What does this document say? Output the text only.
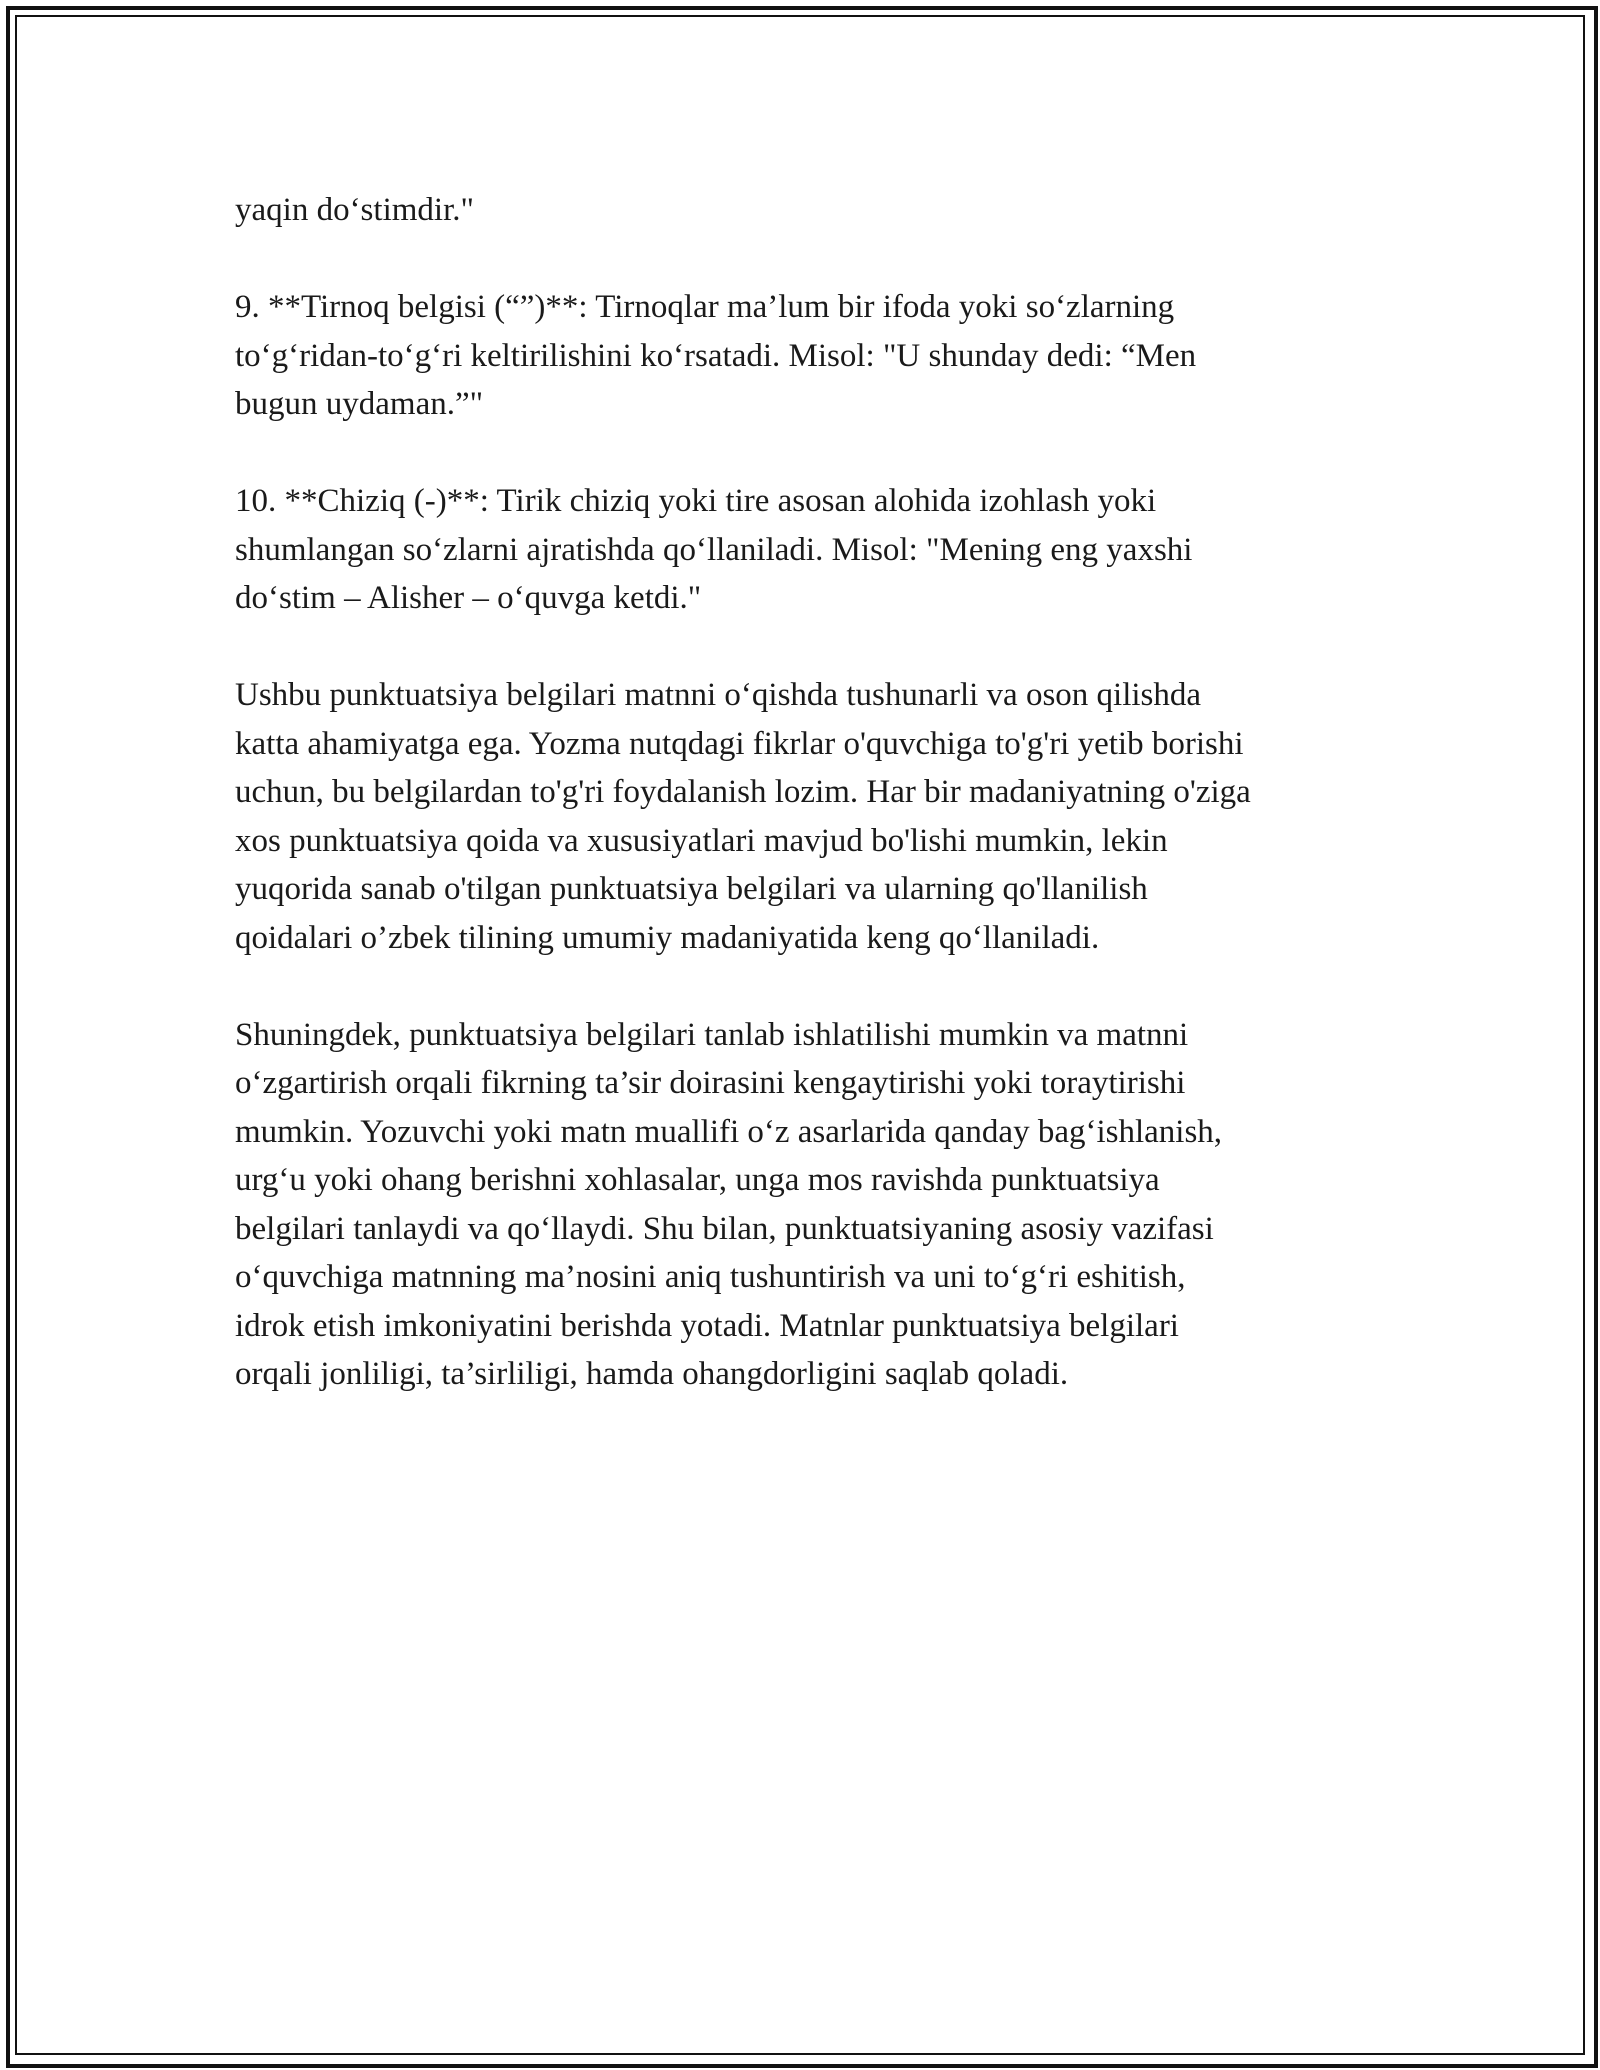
yaqin do‘stimdir."

9. **Tirnoq belgisi (“”)**: Tirnoqlar ma’lum bir ifoda yoki so‘zlarning
to‘g‘ridan-to‘g‘ri keltirilishini ko‘rsatadi. Misol: "U shunday dedi: “Men
bugun uydaman.”"

10. **Chiziq (-)**: Tirik chiziq yoki tire asosan alohida izohlash yoki
shumlangan so‘zlarni ajratishda qo‘llaniladi. Misol: "Mening eng yaxshi
do‘stim – Alisher – o‘quvga ketdi."

Ushbu punktuatsiya belgilari matnni o‘qishda tushunarli va oson qilishda
katta ahamiyatga ega. Yozma nutqdagi fikrlar o'quvchiga to'g'ri yetib borishi
uchun, bu belgilardan to'g'ri foydalanish lozim. Har bir madaniyatning o'ziga
xos punktuatsiya qoida va xususiyatlari mavjud bo'lishi mumkin, lekin
yuqorida sanab o'tilgan punktuatsiya belgilari va ularning qo'llanilish
qoidalari o’zbek tilining umumiy madaniyatida keng qo‘llaniladi.

Shuningdek, punktuatsiya belgilari tanlab ishlatilishi mumkin va matnni
o‘zgartirish orqali fikrning ta’sir doirasini kengaytirishi yoki toraytirishi
mumkin. Yozuvchi yoki matn muallifi o‘z asarlarida qanday bag‘ishlanish,
urg‘u yoki ohang berishni xohlasalar, unga mos ravishda punktuatsiya
belgilari tanlaydi va qo‘llaydi. Shu bilan, punktuatsiyaning asosiy vazifasi
o‘quvchiga matnning ma’nosini aniq tushuntirish va uni to‘g‘ri eshitish,
idrok etish imkoniyatini berishda yotadi. Matnlar punktuatsiya belgilari
orqali jonliligi, ta’sirliligi, hamda ohangdorligini saqlab qoladi.
